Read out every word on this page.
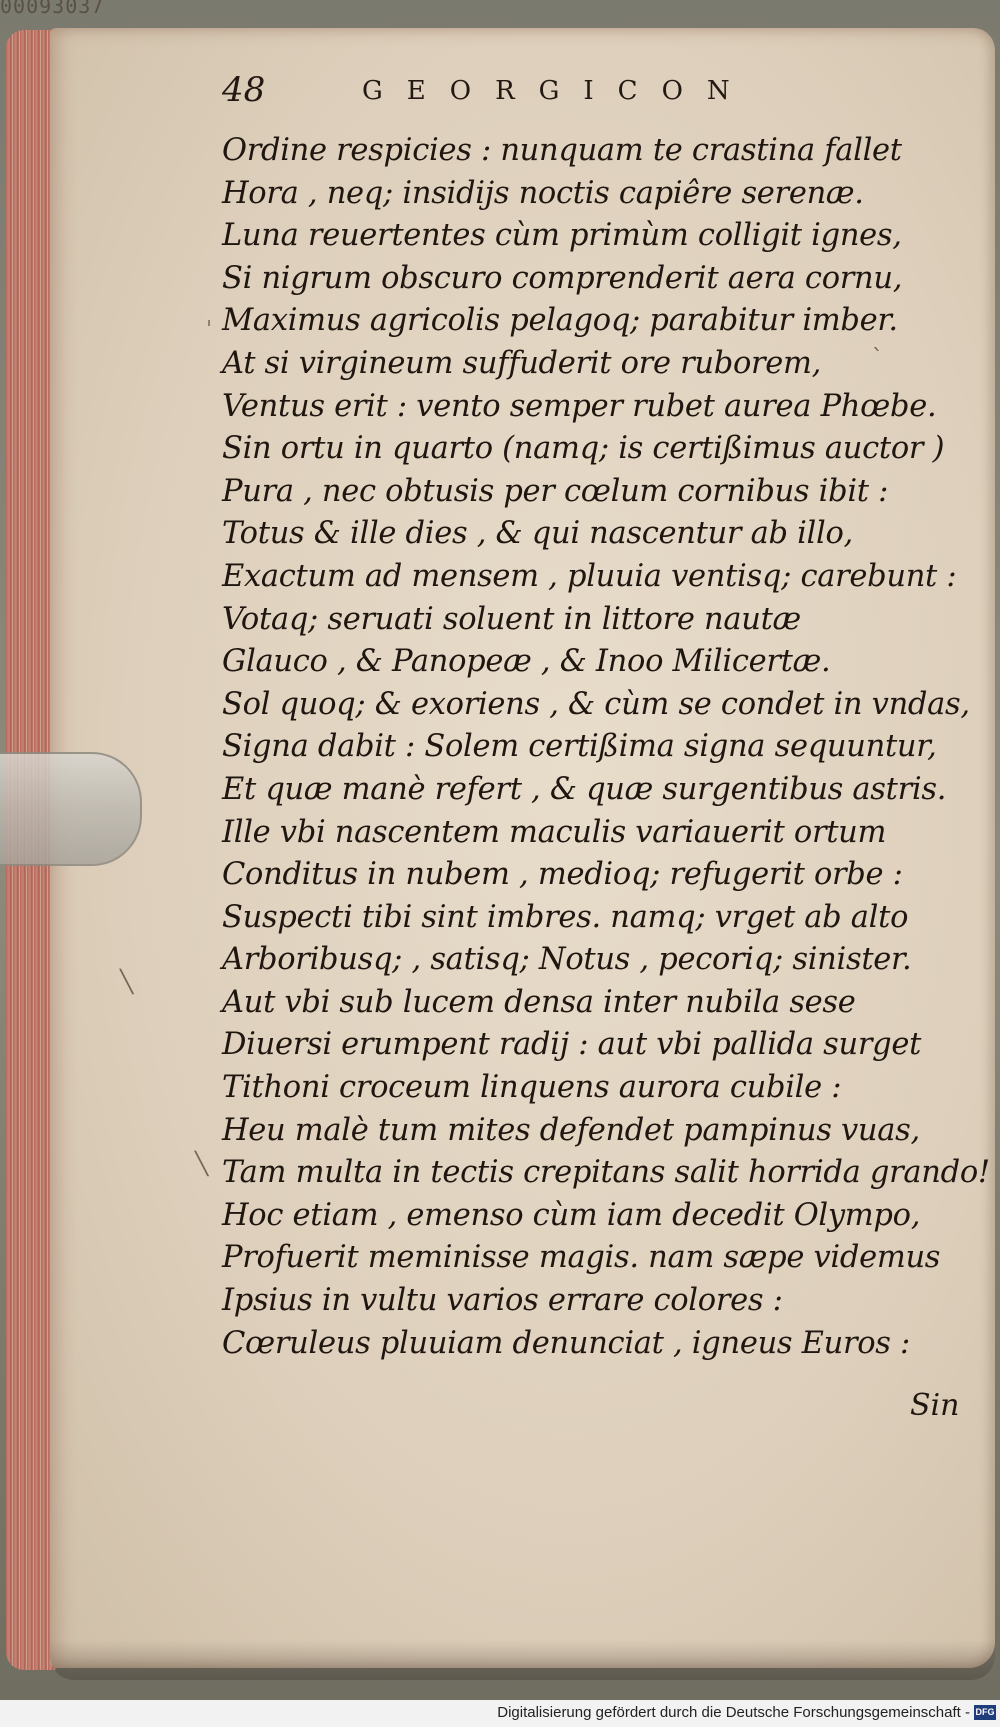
00093037
48	GEORGICON
Ordine respicies : nunquam te crastina fallet
Hora , neq; insidijs noctis capiêre serenæ.
Luna reuertentes cùm primùm colligit ignes,
Si nigrum obscuro comprenderit aera cornu,
Maximus agricolis pelagoq; parabitur imber.
At si virgineum suffuderit ore ruborem,
Ventus erit : vento semper rubet aurea Phœbe.
Sin ortu in quarto (namq; is certißimus auctor )
Pura , nec obtusis per cœlum cornibus ibit :
Totus & ille dies , & qui nascentur ab illo,
Exactum ad mensem , pluuia ventisq; carebunt :
Votaq; seruati soluent in littore nautæ
Glauco , & Panopeæ , & Inoo Milicertæ.
Sol quoq; & exoriens , & cùm se condet in vndas,
Signa dabit : Solem certißima signa sequuntur,
Et quæ manè refert , & quæ surgentibus astris.
Ille vbi nascentem maculis variauerit ortum
Conditus in nubem , medioq; refugerit orbe :
Suspecti tibi sint imbres. namq; vrget ab alto
Arboribusq; , satisq; Notus , pecoriq; sinister.
Aut vbi sub lucem densa inter nubila sese
Diuersi erumpent radij : aut vbi pallida surget
Tithoni croceum linquens aurora cubile :
Heu malè tum mites defendet pampinus vuas,
Tam multa in tectis crepitans salit horrida grando!
Hoc etiam , emenso cùm iam decedit Olympo,
Profuerit meminisse magis. nam sæpe videmus
Ipsius in vultu varios errare colores :
Cœruleus pluuiam denunciat , igneus Euros :
Sin
ˈ
ˋ
╲
╲
Digitalisierung gefördert durch die Deutsche Forschungsgemeinschaft - DFG
